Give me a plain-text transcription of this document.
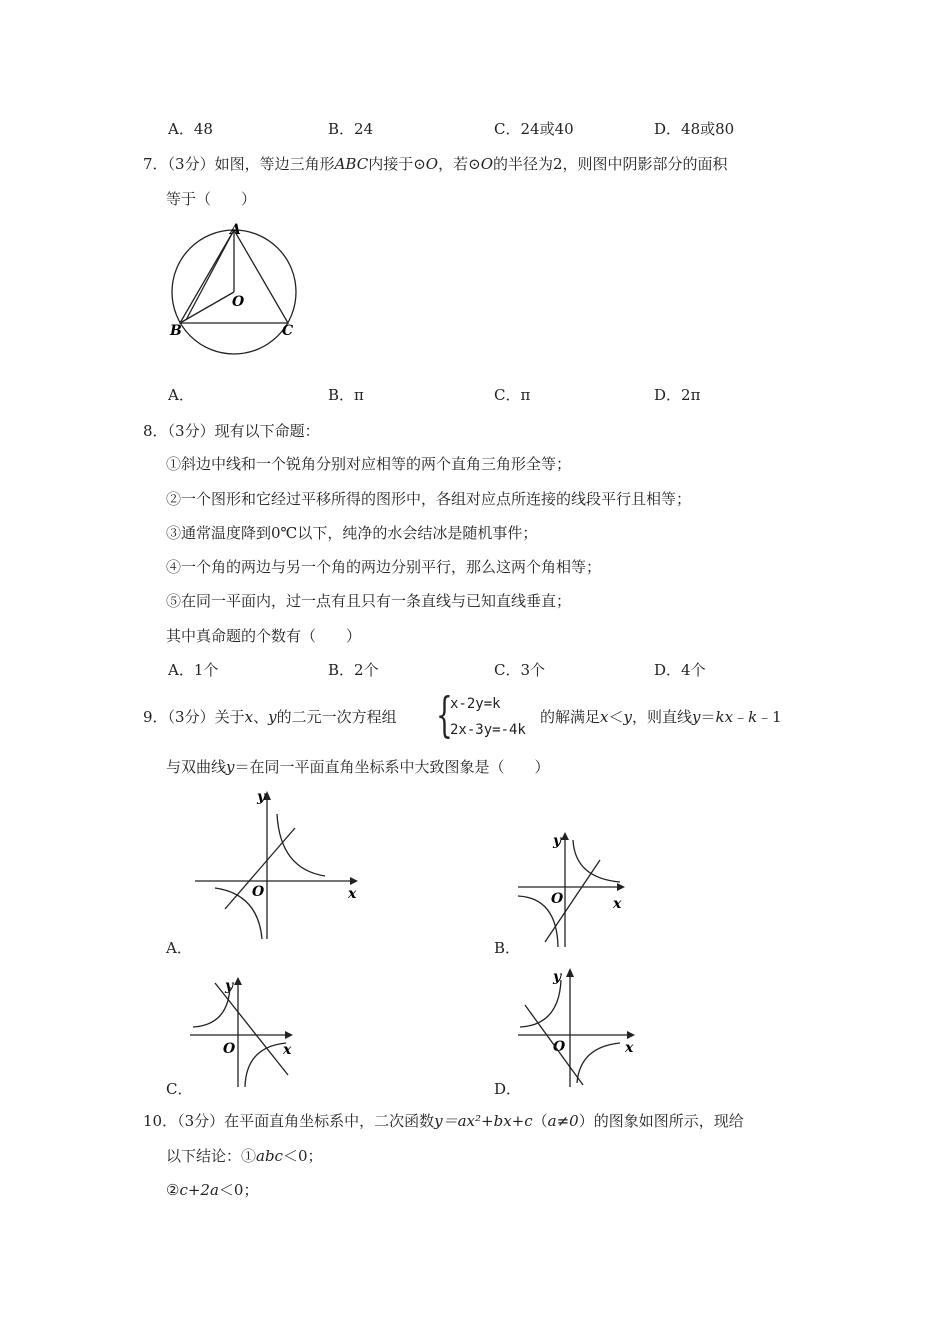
A．48	B．24	C．24或40	D．48或80
7．（3分）如图，等边三角形ABC内接于⊙O，若⊙O的半径为2，则图中阴影部分的面积
等于（　　）
A
B	C
O
A．	B．π	C．π	D．2π
8．（3分）现有以下命题：
①斜边中线和一个锐角分别对应相等的两个直角三角形全等；
②一个图形和它经过平移所得的图形中，各组对应点所连接的线段平行且相等；
③通常温度降到0℃以下，纯净的水会结冰是随机事件；
④一个角的两边与另一个角的两边分别平行，那么这两个角相等；
⑤在同一平面内，过一点有且只有一条直线与已知直线垂直；
其中真命题的个数有（　　）
A．1个	B．2个	C．3个	D．4个
9．（3分）关于x、y的二元一次方程组 {
x-2y=k
2x-3y=-4k
的解满足x＜y，则直线y＝kx﹣k﹣1
与双曲线y＝在同一平面直角坐标系中大致图象是（　　）
y
x
O
A．
y
x
O
B．
y
x
O
C．
y
x
O
D．
10．（3分）在平面直角坐标系中，二次函数y＝ax²+bx+c（a≠0）的图象如图所示，现给
以下结论：①abc＜0；
②c+2a＜0；
